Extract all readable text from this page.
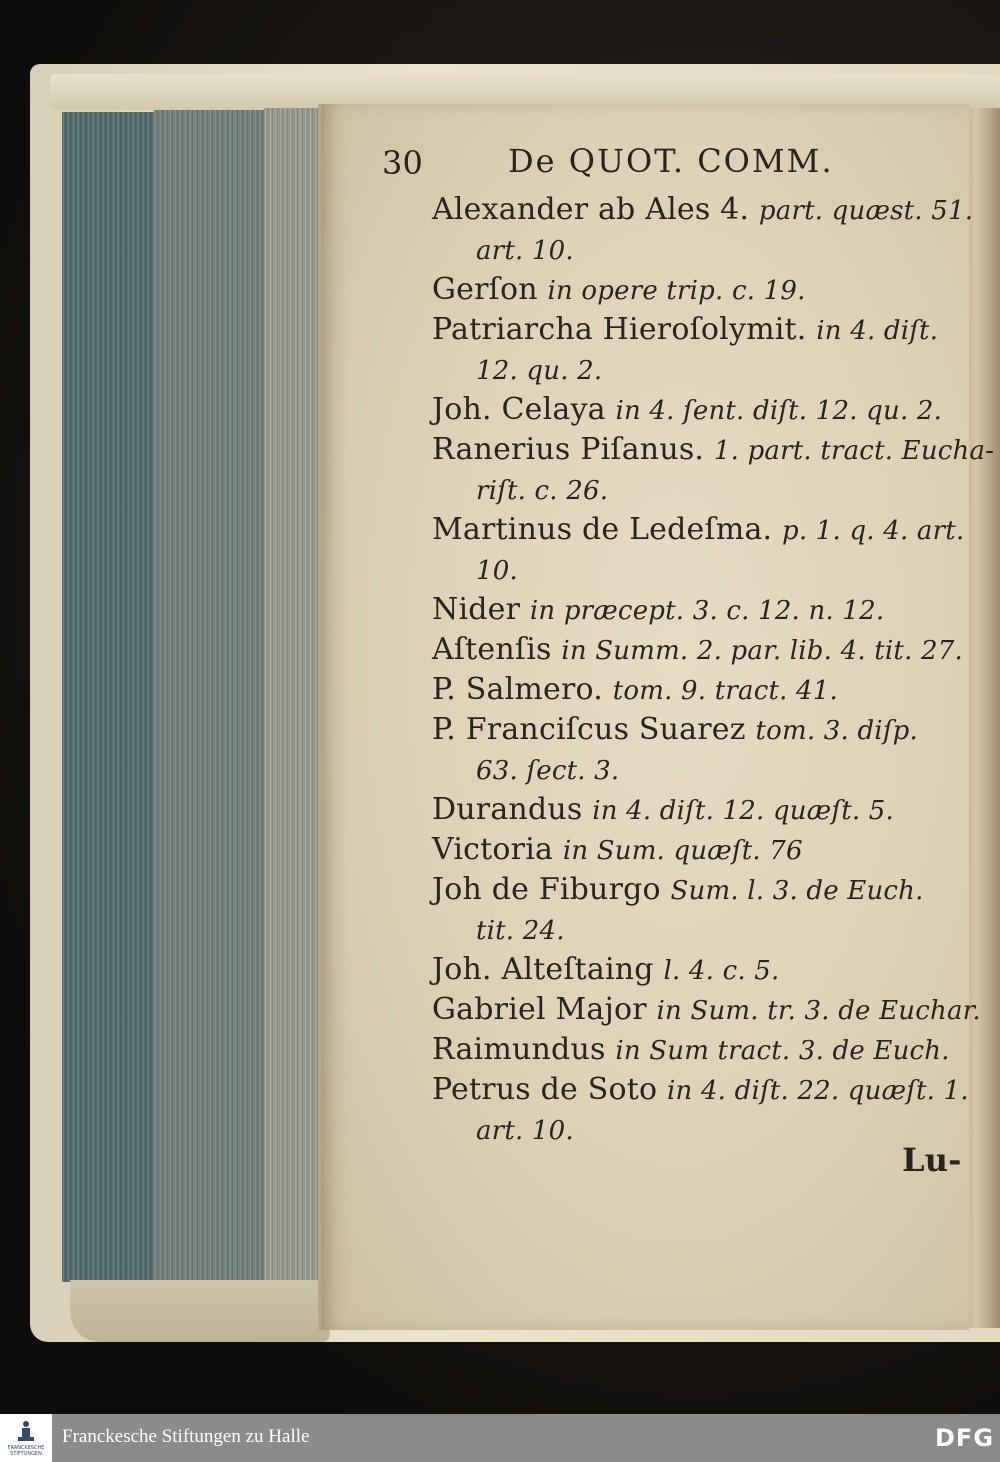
30	De QUOT. COMM.
Alexander ab Ales 4. part. quæst. 51.
art. 10.
Gerſon in opere trip. c. 19.
Patriarcha Hieroſolymit. in 4. diſt.
12. qu. 2.
Joh. Celaya in 4. ſent. diſt. 12. qu. 2.
Ranerius Piſanus. 1. part. tract. Eucha-
riſt. c. 26.
Martinus de Ledeſma. p. 1. q. 4. art.
10.
Nider in præcept. 3. c. 12. n. 12.
Aſtenſis in Summ. 2. par. lib. 4. tit. 27.
P. Salmero. tom. 9. tract. 41.
P. Franciſcus Suarez tom. 3. diſp.
63. ſect. 3.
Durandus in 4. diſt. 12. quæſt. 5.
Victoria in Sum. quæſt. 76
Joh de Fiburgo Sum. l. 3. de Euch.
tit. 24.
Joh. Alteſtaing l. 4. c. 5.
Gabriel Major in Sum. tr. 3. de Euchar.
Raimundus in Sum tract. 3. de Euch.
Petrus de Soto in 4. diſt. 22. quæſt. 1.
art. 10.
Lu-
FRANCKESCHE STIFTUNGEN
Franckesche Stiftungen zu Halle	DFG
